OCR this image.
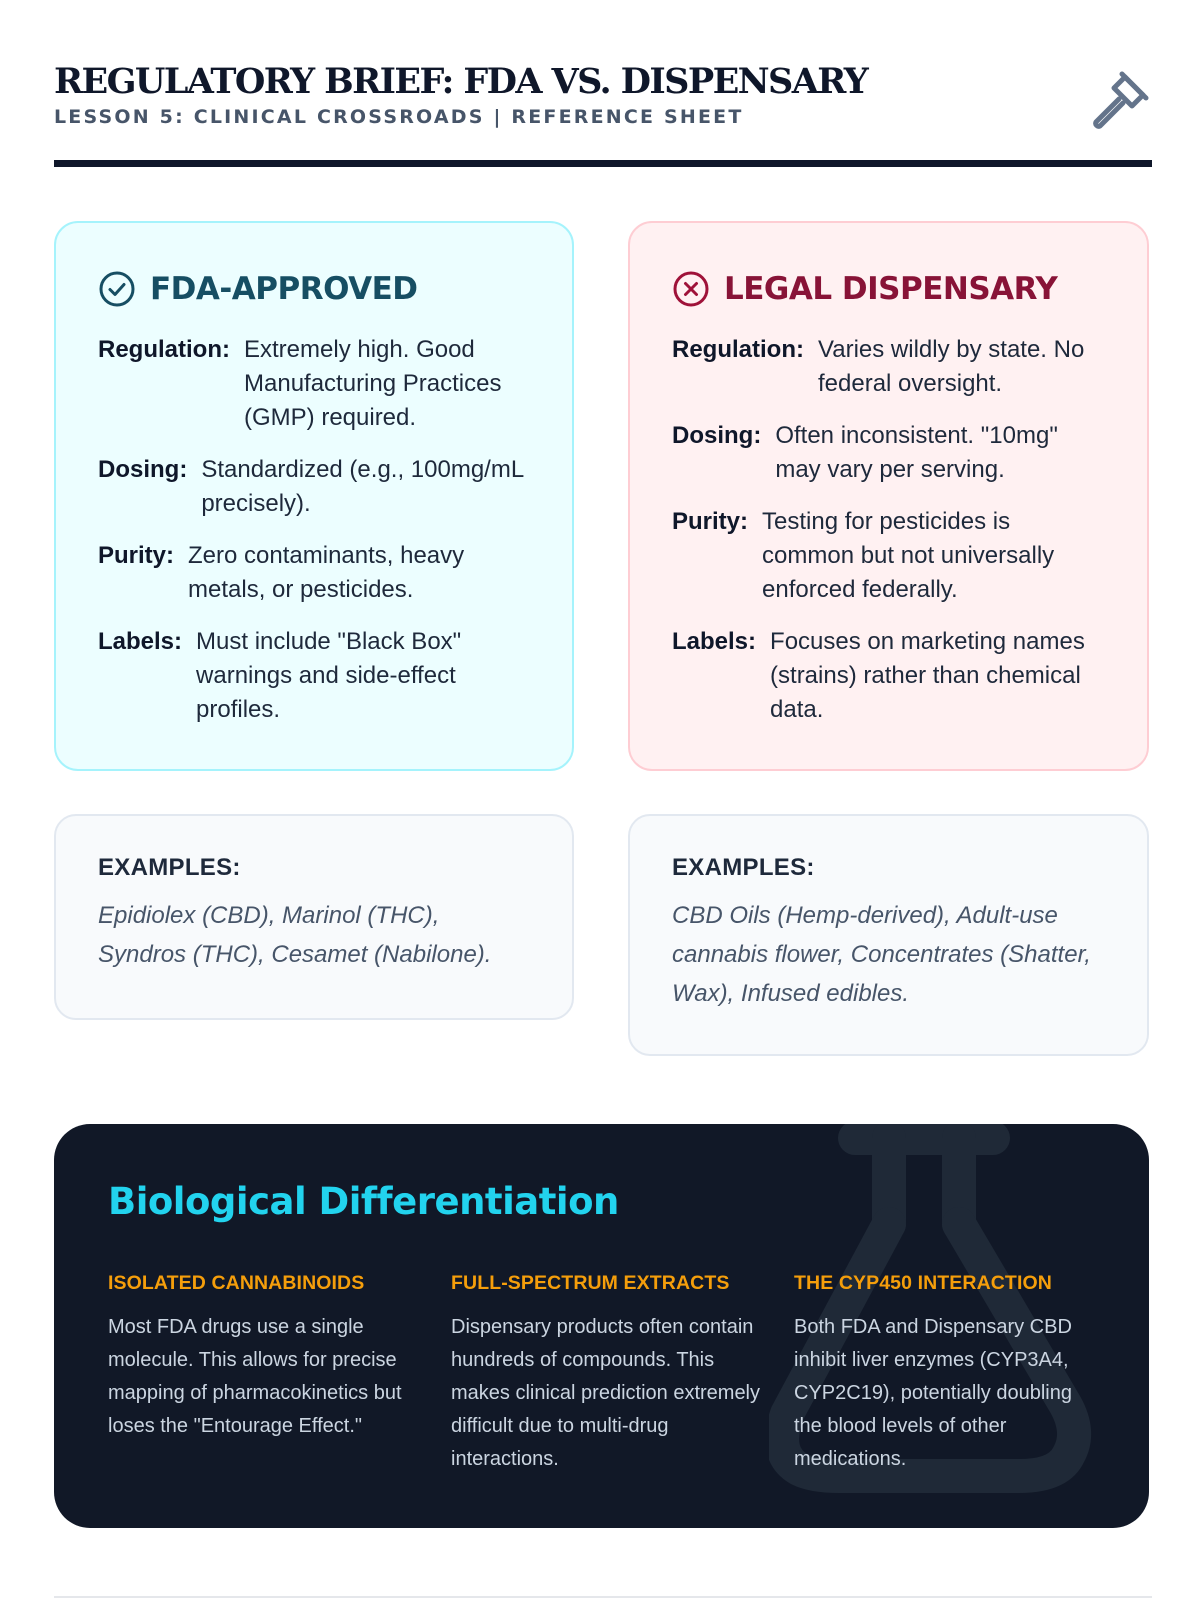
REGULATORY BRIEF: FDA VS. DISPENSARY
LESSON 5: CLINICAL CROSSROADS | REFERENCE SHEET
FDA-APPROVED
Regulation: Extremely high. Good Manufacturing Practices (GMP) required.
Dosing: Standardized (e.g., 100mg/mL precisely).
Purity: Zero contaminants, heavy metals, or pesticides.
Labels: Must include "Black Box" warnings and side-effect profiles.
LEGAL DISPENSARY
Regulation: Varies wildly by state. No federal oversight.
Dosing: Often inconsistent. "10mg" may vary per serving.
Purity: Testing for pesticides is common but not universally enforced federally.
Labels: Focuses on marketing names (strains) rather than chemical data.
EXAMPLES:
Epidiolex (CBD), Marinol (THC), Syndros (THC), Cesamet (Nabilone).
EXAMPLES:
CBD Oils (Hemp-derived), Adult-use cannabis flower, Concentrates (Shatter, Wax), Infused edibles.
Biological Differentiation
ISOLATED CANNABINOIDS
Most FDA drugs use a single molecule. This allows for precise mapping of pharmacokinetics but loses the "Entourage Effect."
FULL-SPECTRUM EXTRACTS
Dispensary products often contain hundreds of compounds. This makes clinical prediction extremely difficult due to multi-drug interactions.
THE CYP450 INTERACTION
Both FDA and Dispensary CBD inhibit liver enzymes (CYP3A4, CYP2C19), potentially doubling the blood levels of other medications.
